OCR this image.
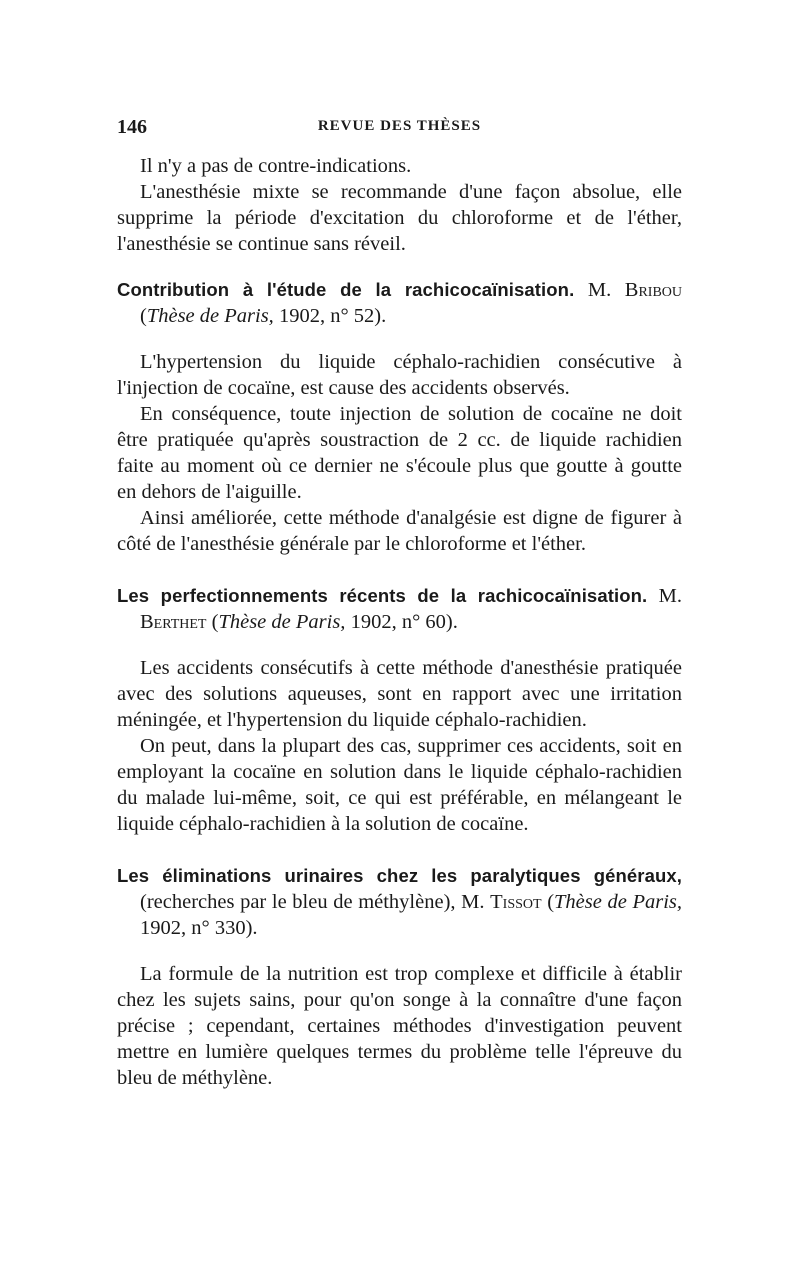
146	REVUE DES THÈSES

Il n'y a pas de contre-indications.

L'anesthésie mixte se recommande d'une façon absolue, elle supprime la période d'excitation du chloroforme et de l'éther, l'anesthésie se continue sans réveil.

Contribution à l'étude de la rachicocaïnisation. M. Bribou (Thèse de Paris, 1902, n° 52).

L'hypertension du liquide céphalo-rachidien consécutive à l'injection de cocaïne, est cause des accidents observés.

En conséquence, toute injection de solution de cocaïne ne doit être pratiquée qu'après soustraction de 2 cc. de liquide rachidien faite au moment où ce dernier ne s'écoule plus que goutte à goutte en dehors de l'aiguille.

Ainsi améliorée, cette méthode d'analgésie est digne de figurer à côté de l'anesthésie générale par le chloroforme et l'éther.

Les perfectionnements récents de la rachicocaïnisation. M. Berthet (Thèse de Paris, 1902, n° 60).

Les accidents consécutifs à cette méthode d'anesthésie pratiquée avec des solutions aqueuses, sont en rapport avec une irritation méningée, et l'hypertension du liquide céphalo-rachidien.

On peut, dans la plupart des cas, supprimer ces accidents, soit en employant la cocaïne en solution dans le liquide céphalo-rachidien du malade lui-même, soit, ce qui est préférable, en mélangeant le liquide céphalo-rachidien à la solution de cocaïne.

Les éliminations urinaires chez les paralytiques généraux, (recherches par le bleu de méthylène), M. Tissot (Thèse de Paris, 1902, n° 330).

La formule de la nutrition est trop complexe et difficile à établir chez les sujets sains, pour qu'on songe à la connaître d'une façon précise ; cependant, certaines méthodes d'investigation peuvent mettre en lumière quelques termes du problème telle l'épreuve du bleu de méthylène.
